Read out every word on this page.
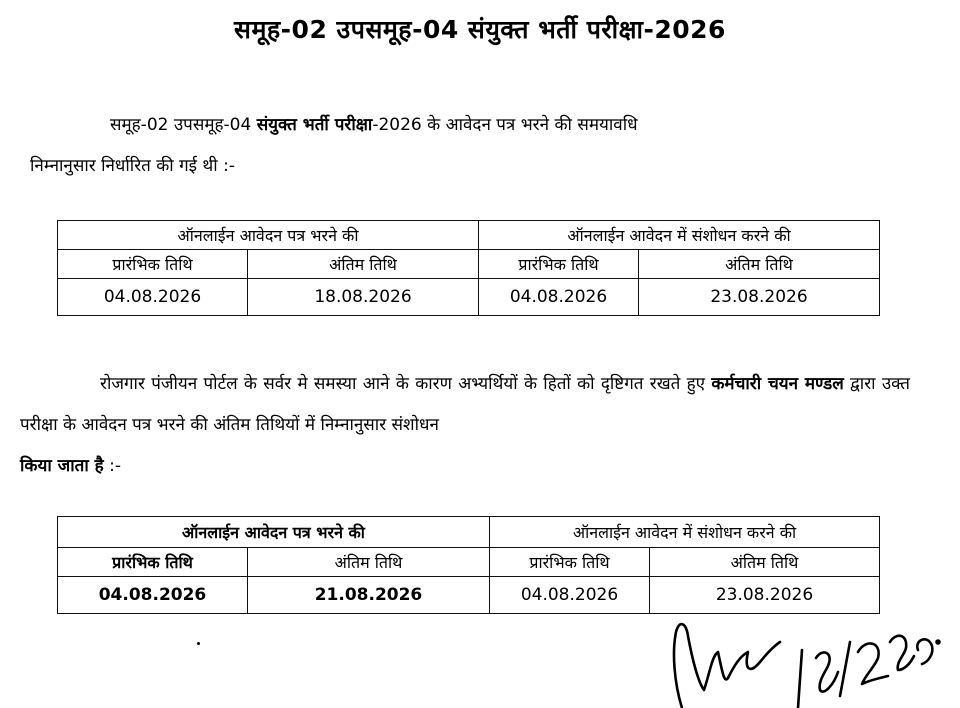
समूह-02 उपसमूह-04 संयुक्त भर्ती परीक्षा-2026
समूह-02 उपसमूह-04 संयुक्त भर्ती परीक्षा-2026 के आवेदन पत्र भरने की समयावधि
निम्नानुसार निर्धारित की गई थी :-
ऑनलाईन आवेदन पत्र भरने की		ऑनलाईन आवेदन में संशोधन करने की	
प्रारंभिक तिथि	अंतिम तिथि	प्रारंभिक तिथि	अंतिम तिथि
04.08.2026	18.08.2026	04.08.2026	23.08.2026
रोजगार पंजीयन पोर्टल के सर्वर मे समस्या आने के कारण अभ्यर्थियों के हितों को दृष्टिगत रखते हुए कर्मचारी चयन मण्डल द्वारा उक्त परीक्षा के आवेदन पत्र भरने की अंतिम तिथियों में निम्नानुसार संशोधन
किया जाता है :-
ऑनलाईन आवेदन पत्र भरने की		ऑनलाईन आवेदन में संशोधन करने की	
प्रारंभिक तिथि	अंतिम तिथि	प्रारंभिक तिथि	अंतिम तिथि
04.08.2026	21.08.2026	04.08.2026	23.08.2026
